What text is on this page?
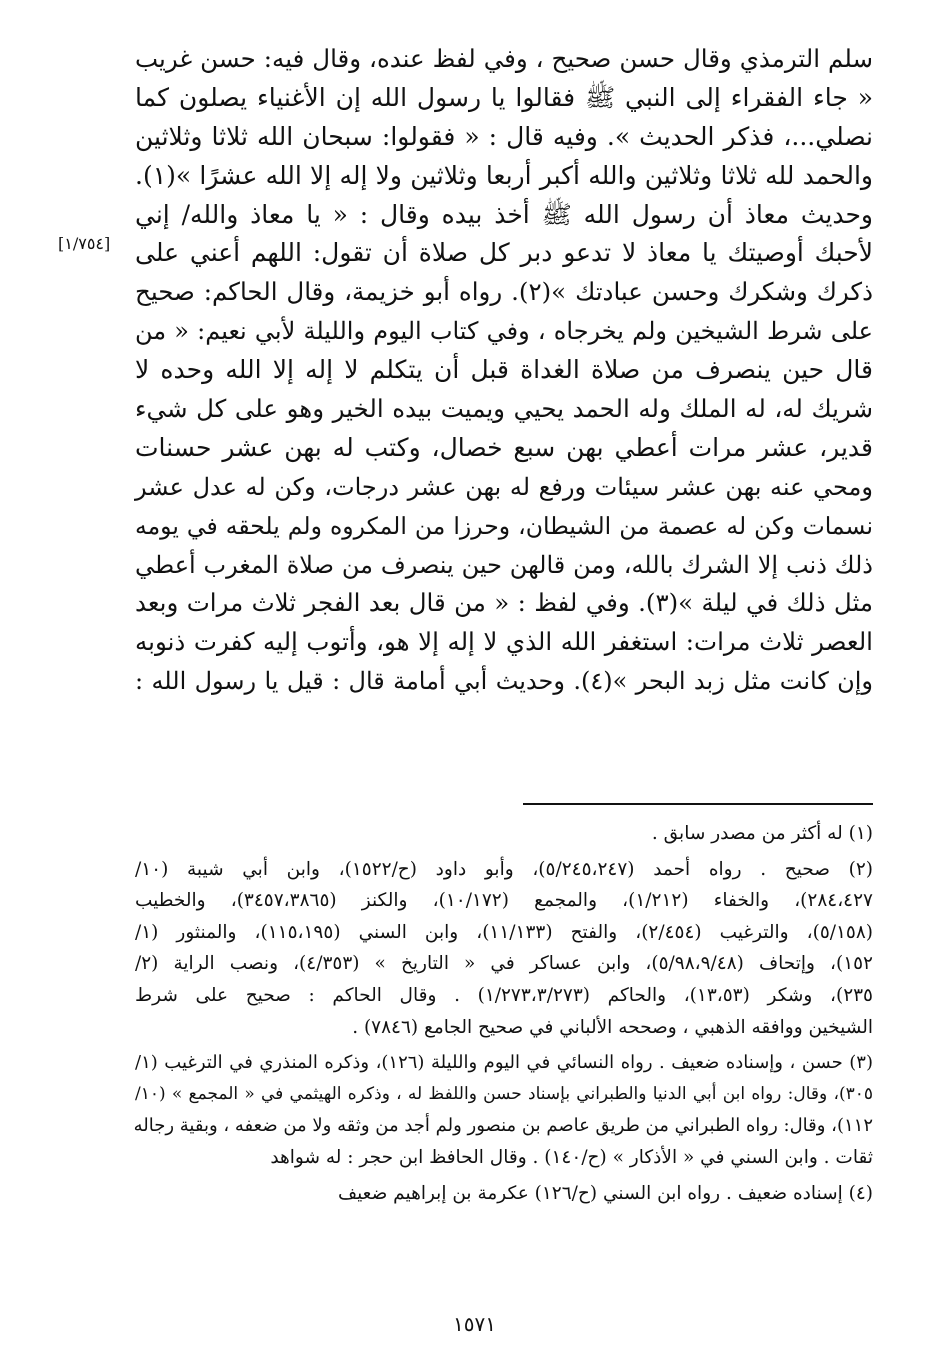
سلم الترمذي وقال حسن صحيح ، وفي لفظ عنده، وقال فيه: حسن غريب
« جاء الفقراء إلى النبي ﷺ فقالوا يا رسول الله إن الأغنياء يصلون كما
نصلي...، فذكر الحديث ». وفيه قال : « فقولوا: سبحان الله ثلاثا وثلاثين
والحمد لله ثلاثا وثلاثين والله أكبر أربعا وثلاثين ولا إله إلا الله عشرًا »(١).
وحديث معاذ أن رسول الله ﷺ أخذ بيده وقال : « يا معاذ والله/ إني
لأحبك أوصيتك يا معاذ لا تدعو دبر كل صلاة أن تقول: اللهم أعني على
ذكرك وشكرك وحسن عبادتك »(٢). رواه أبو خزيمة، وقال الحاكم: صحيح
على شرط الشيخين ولم يخرجاه ، وفي كتاب اليوم والليلة لأبي نعيم: « من
قال حين ينصرف من صلاة الغداة قبل أن يتكلم لا إله إلا الله وحده لا
شريك له، له الملك وله الحمد يحيي ويميت بيده الخير وهو على كل شيء
قدير، عشر مرات أعطي بهن سبع خصال، وكتب له بهن عشر حسنات
ومحي عنه بهن عشر سيئات ورفع له بهن عشر درجات، وكن له عدل عشر
نسمات وكن له عصمة من الشيطان، وحرزا من المكروه ولم يلحقه في يومه
ذلك ذنب إلا الشرك بالله، ومن قالهن حين ينصرف من صلاة المغرب أعطي
مثل ذلك في ليلة »(٣). وفي لفظ : « من قال بعد الفجر ثلاث مرات وبعد
العصر ثلاث مرات: استغفر الله الذي لا إله إلا هو، وأتوب إليه كفرت ذنوبه
وإن كانت مثل زبد البحر »(٤). وحديث أبي أمامة قال : قيل يا رسول الله :
[١/٧٥٤]
(١) له أكثر من مصدر سابق .
(٢) صحيح . رواه أحمد (٥/٢٤٥،٢٤٧)، وأبو داود (ح/١٥٢٢)، وابن أبي شيبة (١٠/
٢٨٤،٤٢٧)، والخفاء (١/٢١٢)، والمجمع (١٠/١٧٢)، والكنز (٣٤٥٧،٣٨٦٥)، والخطيب
(٥/١٥٨)، والترغيب (٢/٤٥٤)، والفتح (١١/١٣٣)، وابن السني (١١٥،١٩٥)، والمنثور (١/
١٥٢)، وإتحاف (٥/٩٨،٩/٤٨)، وابن عساكر في « التاريخ » (٤/٣٥٣)، ونصب الراية (٢/
٢٣٥)، وشكر (١٣،٥٣)، والحاكم (١/٢٧٣،٣/٢٧٣) . وقال الحاكم : صحيح على شرط
الشيخين ووافقه الذهبي ، وصححه الألباني في صحيح الجامع (٧٨٤٦) .
(٣) حسن ، وإسناده ضعيف . رواه النسائي في اليوم والليلة (١٢٦)، وذكره المنذري في الترغيب (١/
٣٠٥)، وقال: رواه ابن أبي الدنيا والطبراني بإسناد حسن واللفظ له ، وذكره الهيثمي في « المجمع » (١٠/
١١٢)، وقال: رواه الطبراني من طريق عاصم بن منصور ولم أجد من وثقه ولا من ضعفه ، وبقية رجاله
ثقات . وابن السني في « الأذكار » (ح/١٤٠) . وقال الحافظ ابن حجر : له شواهد
(٤) إسناده ضعيف . رواه ابن السني (ح/١٢٦) عكرمة بن إبراهيم ضعيف
١٥٧١
